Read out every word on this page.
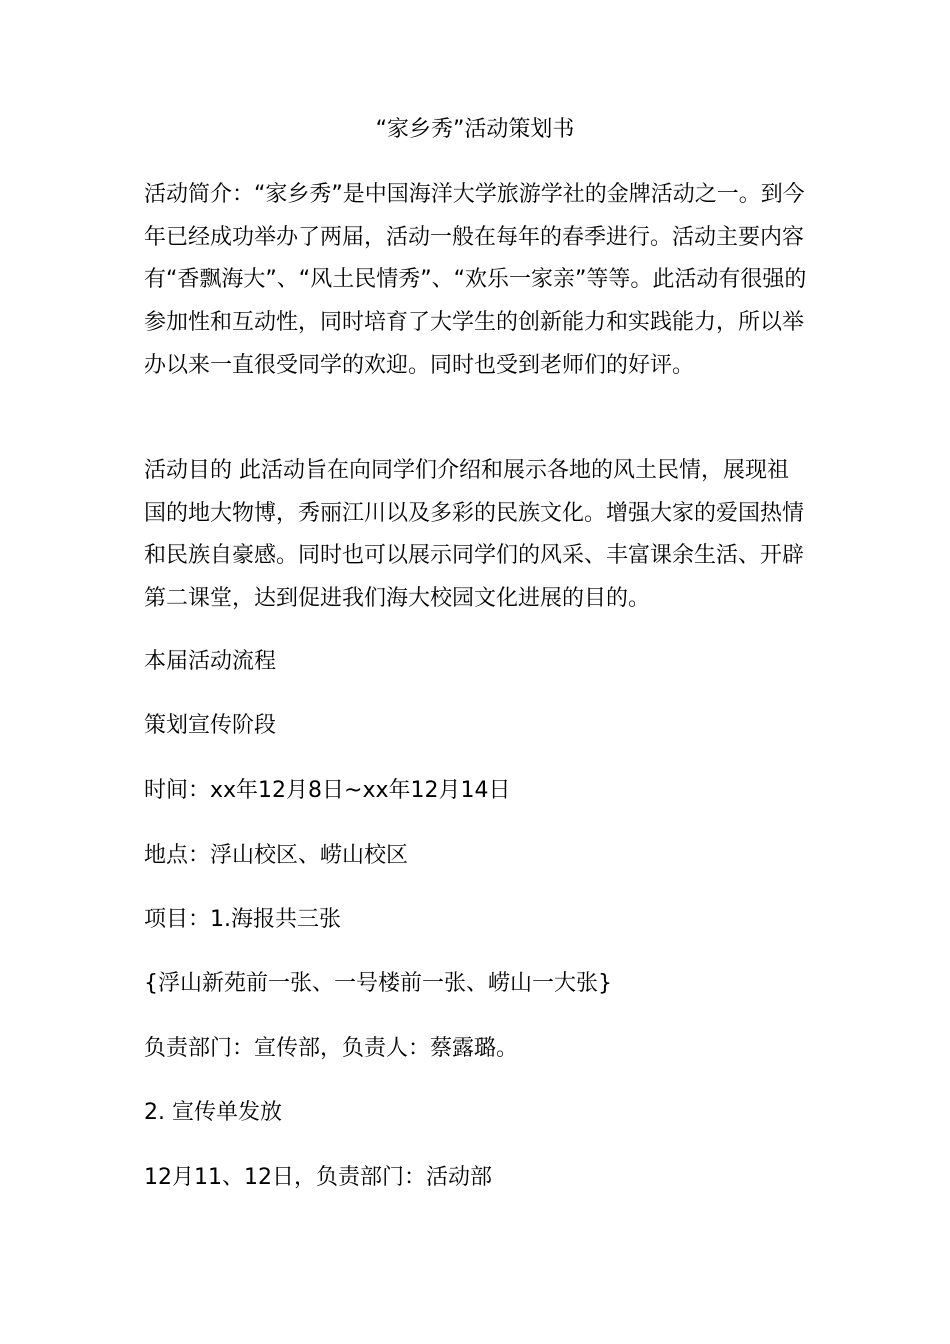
“家乡秀”活动策划书

活动简介：“家乡秀”是中国海洋大学旅游学社的金牌活动之一。到今年已经成功举办了两届，活动一般在每年的春季进行。活动主要内容有“香飘海大”、“风土民情秀”、“欢乐一家亲”等等。此活动有很强的参加性和互动性，同时培育了大学生的创新能力和实践能力，所以举办以来一直很受同学的欢迎。同时也受到老师们的好评。

活动目的 此活动旨在向同学们介绍和展示各地的风土民情，展现祖国的地大物博，秀丽江川以及多彩的民族文化。增强大家的爱国热情和民族自豪感。同时也可以展示同学们的风采、丰富课余生活、开辟第二课堂，达到促进我们海大校园文化进展的目的。

本届活动流程

策划宣传阶段

时间：xx年12月8日~xx年12月14日

地点：浮山校区、崂山校区

项目：1.海报共三张

{浮山新苑前一张、一号楼前一张、崂山一大张}

负责部门：宣传部，负责人：蔡露璐。

2. 宣传单发放

12月11、12日，负责部门：活动部
